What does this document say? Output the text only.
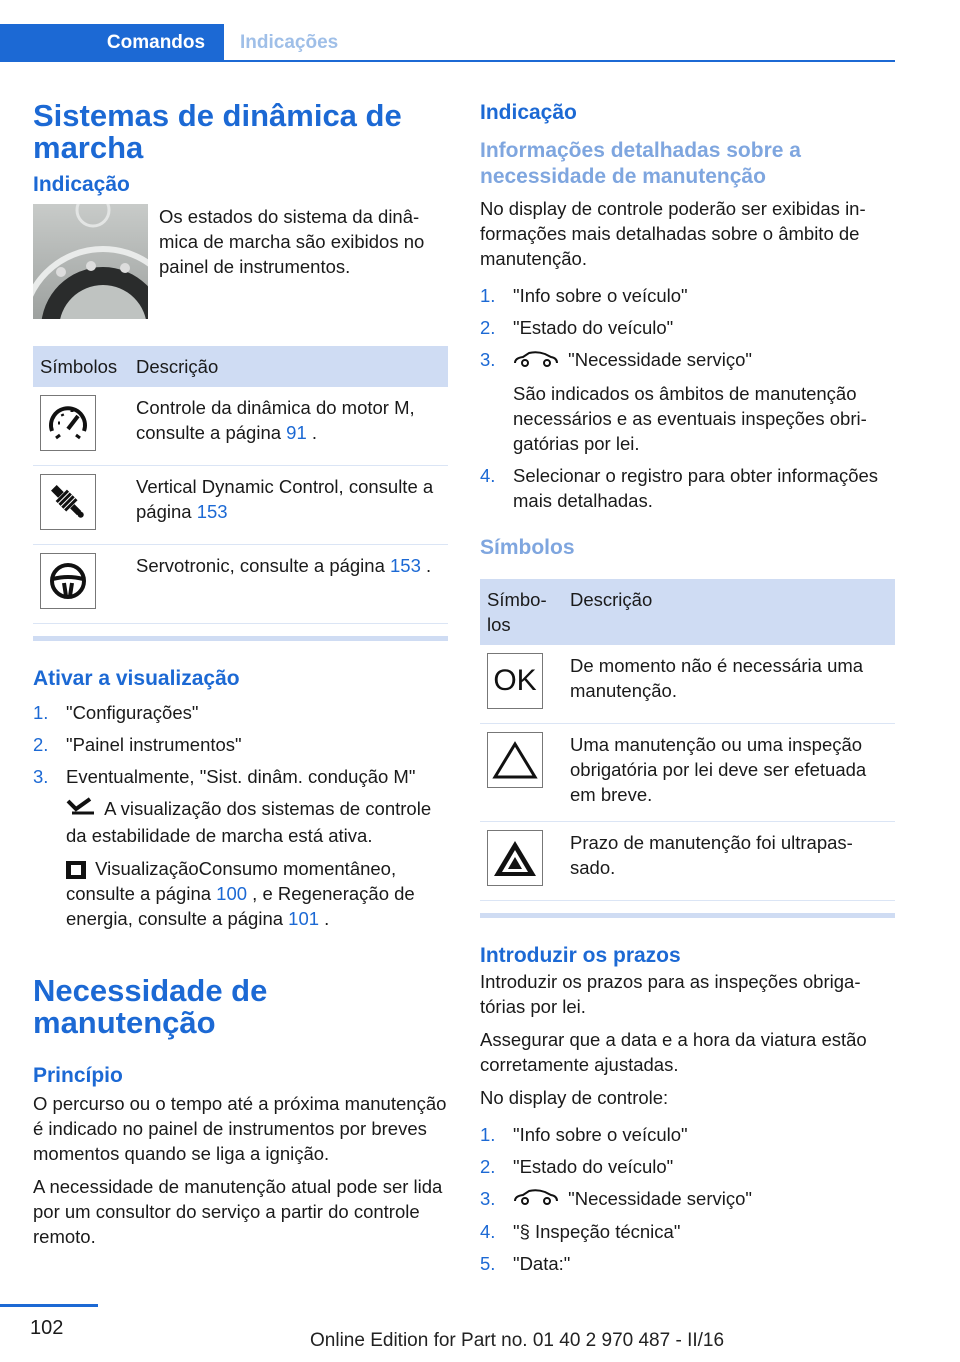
Comandos	Indicações
Sistemas de dinâmica de marcha
Indicação

Os estados do sistema da dinâmica de marcha são exibidos no painel de instrumentos.

Símbolos	Descrição

	Controle da dinâmica do motor M, consulte a página 91 .

	Vertical Dynamic Control, consulte a página 153

	Servotronic, consulte a página 153 .
Ativar a visualização
1. "Configurações"
2. "Painel instrumentos"
3. Eventualmente, "Sist. dinâm. condução M"

A visualização dos sistemas de controle da estabilidade de marcha está ativa.

VisualizaçãoConsumo momentâneo, consulte a página 100 , e Regeneração de energia, consulte a página 101 .

Necessidade de manutenção
Princípio

O percurso ou o tempo até a próxima manutenção é indicado no painel de instrumentos por breves momentos quando se liga a ignição.

A necessidade de manutenção atual pode ser lida por um consultor do serviço a partir do controle remoto.

Indicação
Informações detalhadas sobre a necessidade de manutenção

No display de controle poderão ser exibidas informações mais detalhadas sobre o âmbito de manutenção.

1. "Info sobre o veículo"
2. "Estado do veículo"
3.	"Necessidade serviço"

São indicados os âmbitos de manutenção necessários e as eventuais inspeções obrigatórias por lei.

4. Selecionar o registro para obter informações mais detalhadas.
Símbolos
Símbolos	Descrição

OK	De momento não é necessária uma manutenção.

	Uma manutenção ou uma inspeção obrigatória por lei deve ser efetuada em breve.

	Prazo de manutenção foi ultrapassado.
Introduzir os prazos

Introduzir os prazos para as inspeções obrigatórias por lei.

Assegurar que a data e a hora da viatura estão corretamente ajustadas.

No display de controle:

1. "Info sobre o veículo"
2. "Estado do veículo"
3.	"Necessidade serviço"
4. "§ Inspeção técnica"
5. "Data:"
102
Online Edition for Part no. 01 40 2 970 487 - II/16
